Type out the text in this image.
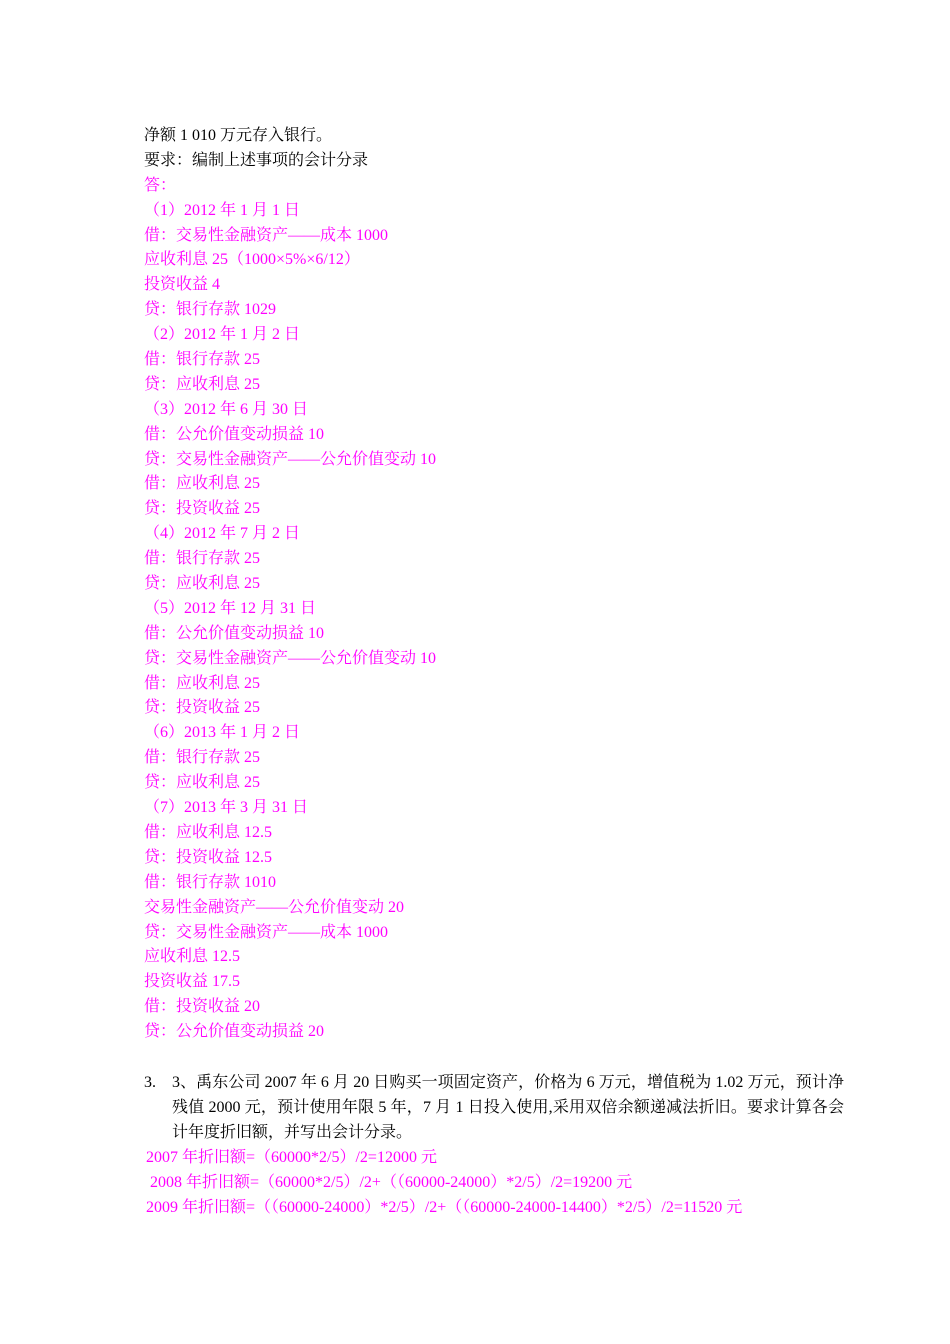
净额 1 010 万元存入银行。
要求：编制上述事项的会计分录
答：
（1）2012 年 1 月 1 日
借：交易性金融资产——成本 1000
应收利息 25（1000×5%×6/12）
投资收益 4
贷：银行存款 1029
（2）2012 年 1 月 2 日
借：银行存款 25
贷：应收利息 25
（3）2012 年 6 月 30 日
借：公允价值变动损益 10
贷：交易性金融资产——公允价值变动 10
借：应收利息 25
贷：投资收益 25
（4）2012 年 7 月 2 日
借：银行存款 25
贷：应收利息 25
（5）2012 年 12 月 31 日
借：公允价值变动损益 10
贷：交易性金融资产——公允价值变动 10
借：应收利息 25
贷：投资收益 25
（6）2013 年 1 月 2 日
借：银行存款 25
贷：应收利息 25
（7）2013 年 3 月 31 日
借：应收利息 12.5
贷：投资收益 12.5
借：银行存款 1010
交易性金融资产——公允价值变动 20
贷：交易性金融资产——成本 1000
应收利息 12.5
投资收益 17.5
借：投资收益 20
贷：公允价值变动损益 20
3. 3、禹东公司 2007 年 6 月 20 日购买一项固定资产，价格为 6 万元，增值税为 1.02 万元，预计净残值 2000 元，预计使用年限 5 年，7 月 1 日投入使用,采用双倍余额递减法折旧。要求计算各会计年度折旧额，并写出会计分录。
2007 年折旧额=（60000*2/5）/2=12000 元
2008 年折旧额=（60000*2/5）/2+（（60000-24000）*2/5）/2=19200 元
2009 年折旧额=（（60000-24000）*2/5）/2+（（60000-24000-14400）*2/5）/2=11520 元
